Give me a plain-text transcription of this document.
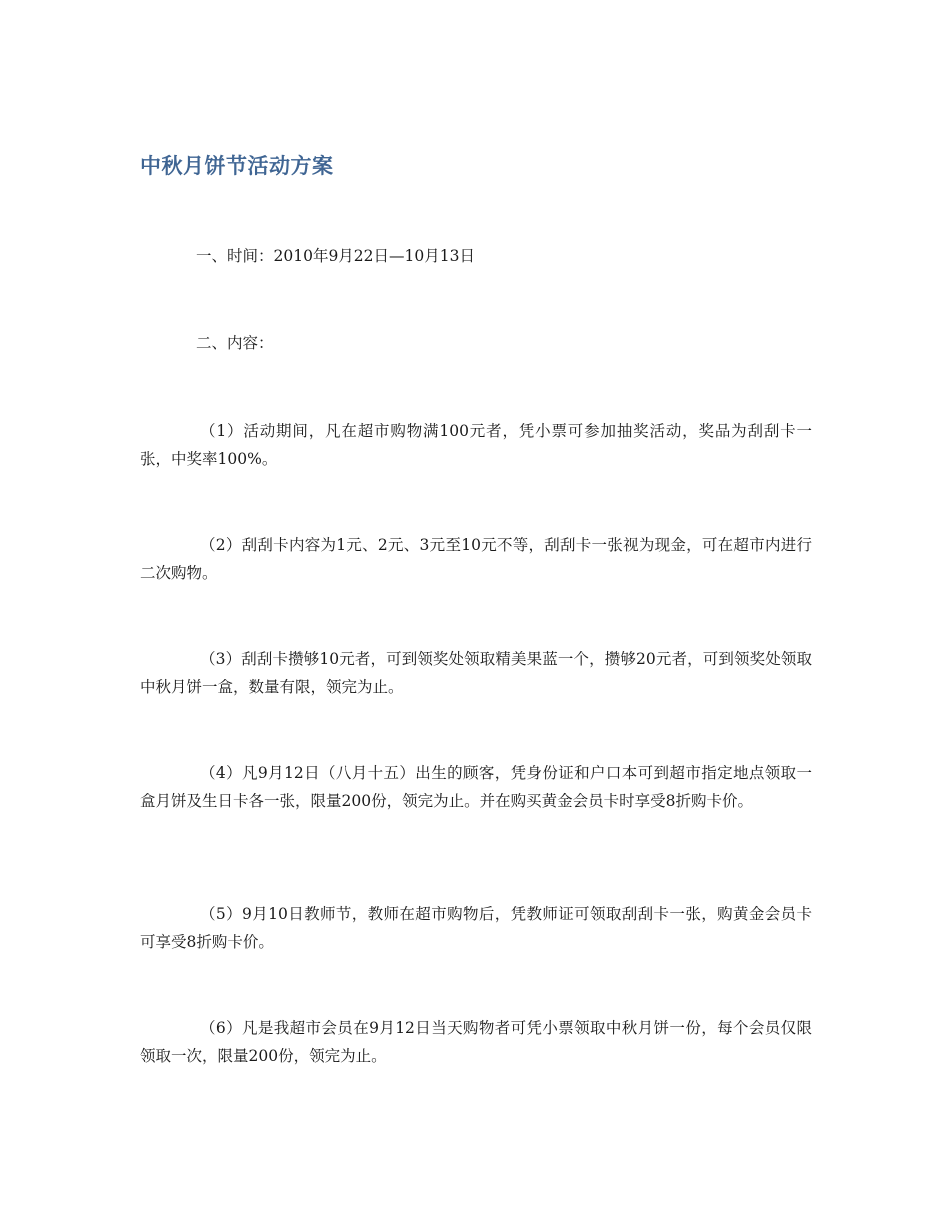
中秋月饼节活动方案

一、时间：2010年9月22日—10月13日

二、内容：

（1）活动期间，凡在超市购物满100元者，凭小票可参加抽奖活动，奖品为刮刮卡一张，中奖率100%。

（2）刮刮卡内容为1元、2元、3元至10元不等，刮刮卡一张视为现金，可在超市内进行二次购物。

（3）刮刮卡攒够10元者，可到领奖处领取精美果蓝一个，攒够20元者，可到领奖处领取中秋月饼一盒，数量有限，领完为止。

（4）凡9月12日（八月十五）出生的顾客，凭身份证和户口本可到超市指定地点领取一盒月饼及生日卡各一张，限量200份，领完为止。并在购买黄金会员卡时享受8折购卡价。

（5）9月10日教师节，教师在超市购物后，凭教师证可领取刮刮卡一张，购黄金会员卡可享受8折购卡价。

（6）凡是我超市会员在9月12日当天购物者可凭小票领取中秋月饼一份，每个会员仅限领取一次，限量200份，领完为止。
